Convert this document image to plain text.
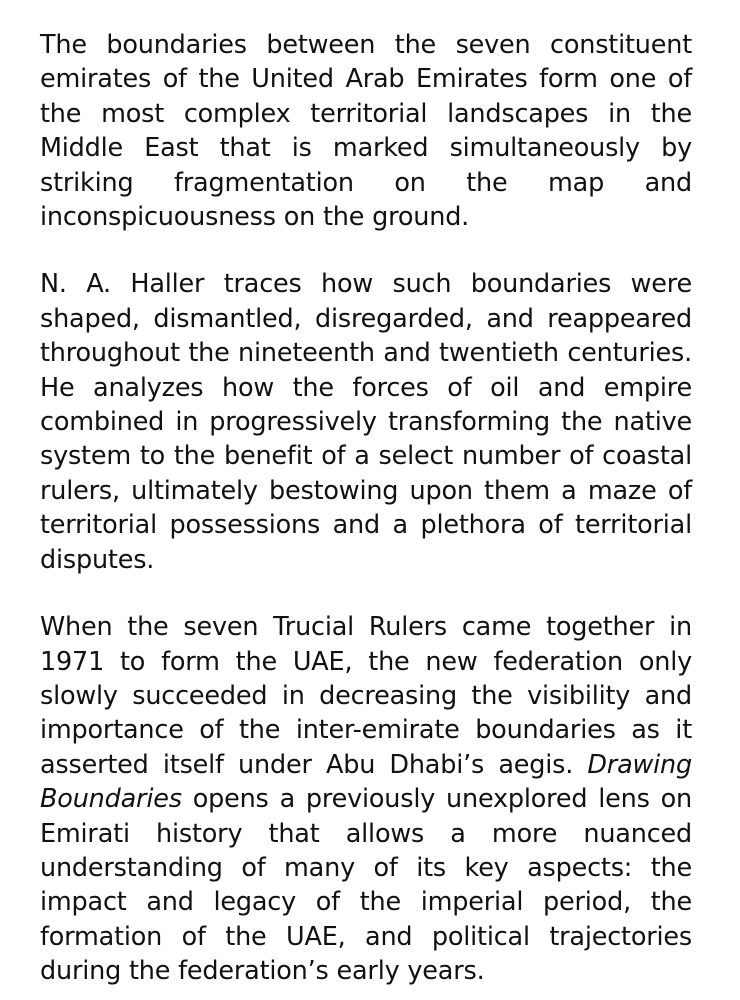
The boundaries between the seven constituent
emirates of the United Arab Emirates form one of
the most complex territorial landscapes in the
Middle East that is marked simultaneously by
striking fragmentation on the map and
inconspicuousness on the ground.

N. A. Haller traces how such boundaries were
shaped, dismantled, disregarded, and reappeared
throughout the nineteenth and twentieth centuries.
He analyzes how the forces of oil and empire
combined in progressively transforming the native
system to the benefit of a select number of coastal
rulers, ultimately bestowing upon them a maze of
territorial possessions and a plethora of territorial
disputes.

When the seven Trucial Rulers came together in
1971 to form the UAE, the new federation only
slowly succeeded in decreasing the visibility and
importance of the inter-emirate boundaries as it
asserted itself under Abu Dhabi’s aegis. Drawing
Boundaries opens a previously unexplored lens on
Emirati history that allows a more nuanced
understanding of many of its key aspects: the
impact and legacy of the imperial period, the
formation of the UAE, and political trajectories
during the federation’s early years.
